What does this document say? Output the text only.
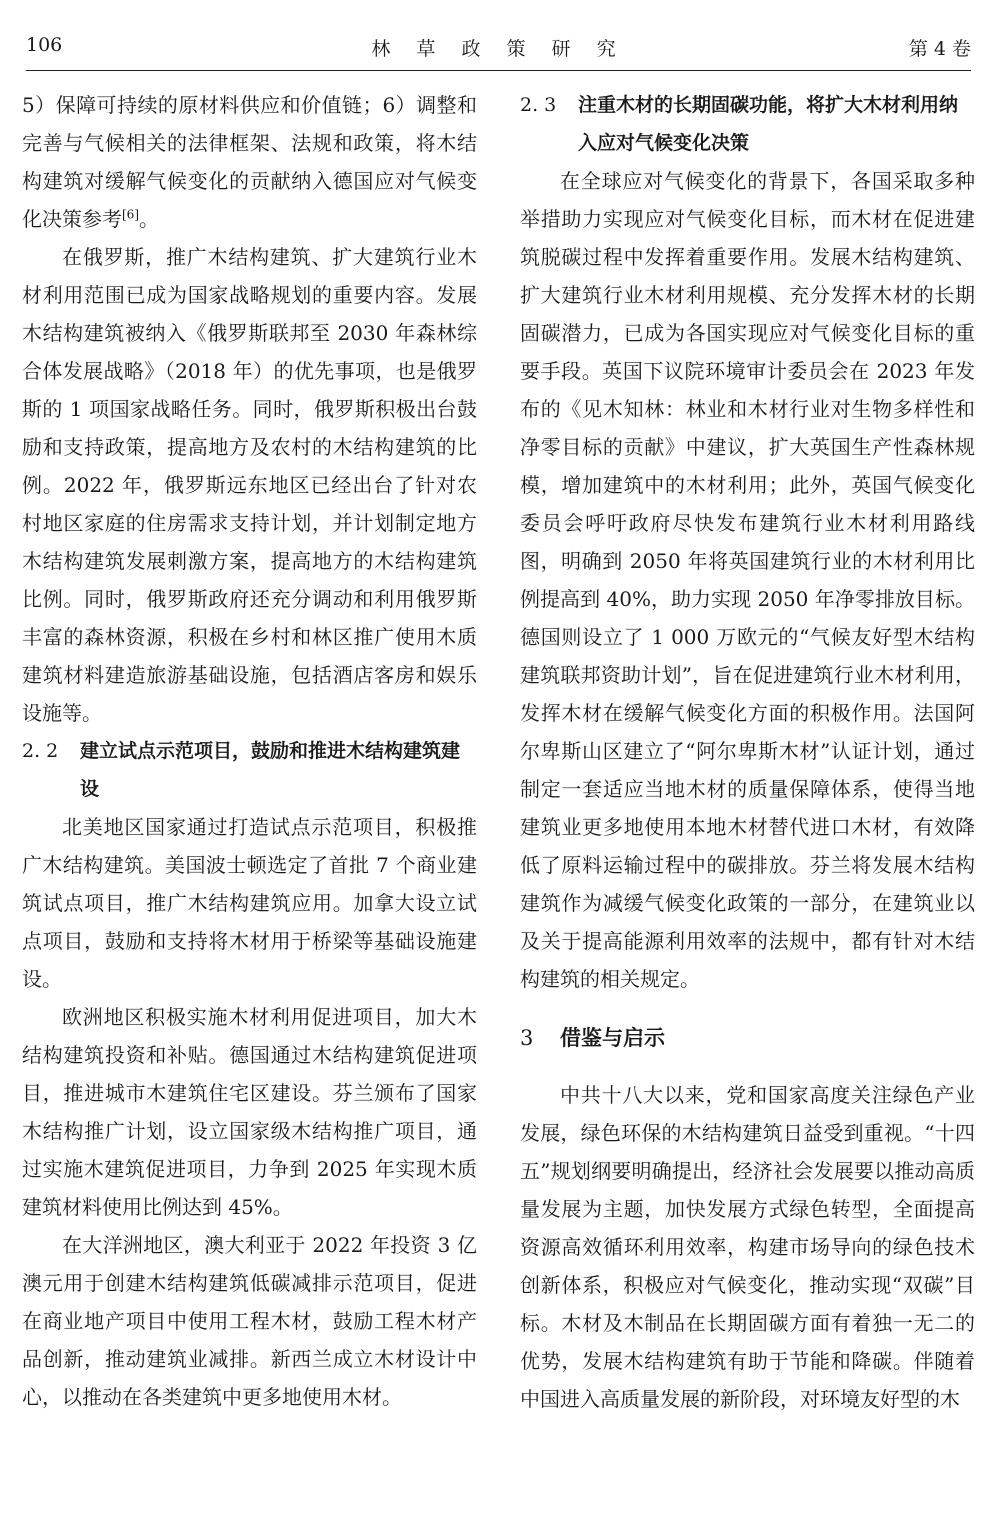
106	林 草 政 策 研 究	第 4 卷

5）保障可持续的原材料供应和价值链；6）调整和完善与气候相关的法律框架、法规和政策，将木结构建筑对缓解气候变化的贡献纳入德国应对气候变化决策参考[6]。

在俄罗斯，推广木结构建筑、扩大建筑行业木材利用范围已成为国家战略规划的重要内容。发展木结构建筑被纳入《俄罗斯联邦至 2030 年森林综合体发展战略》（2018 年）的优先事项，也是俄罗斯的 1 项国家战略任务。同时，俄罗斯积极出台鼓励和支持政策，提高地方及农村的木结构建筑的比例。2022 年，俄罗斯远东地区已经出台了针对农村地区家庭的住房需求支持计划，并计划制定地方木结构建筑发展刺激方案，提高地方的木结构建筑比例。同时，俄罗斯政府还充分调动和利用俄罗斯丰富的森林资源，积极在乡村和林区推广使用木质建筑材料建造旅游基础设施，包括酒店客房和娱乐设施等。

2. 2	建立试点示范项目，鼓励和推进木结构建筑建设

北美地区国家通过打造试点示范项目，积极推广木结构建筑。美国波士顿选定了首批 7 个商业建筑试点项目，推广木结构建筑应用。加拿大设立试点项目，鼓励和支持将木材用于桥梁等基础设施建设。

欧洲地区积极实施木材利用促进项目，加大木结构建筑投资和补贴。德国通过木结构建筑促进项目，推进城市木建筑住宅区建设。芬兰颁布了国家木结构推广计划，设立国家级木结构推广项目，通过实施木建筑促进项目，力争到 2025 年实现木质建筑材料使用比例达到 45%。

在大洋洲地区，澳大利亚于 2022 年投资 3 亿澳元用于创建木结构建筑低碳减排示范项目，促进在商业地产项目中使用工程木材，鼓励工程木材产品创新，推动建筑业减排。新西兰成立木材设计中心，以推动在各类建筑中更多地使用木材。

2. 3	注重木材的长期固碳功能，将扩大木材利用纳入应对气候变化决策

在全球应对气候变化的背景下，各国采取多种举措助力实现应对气候变化目标，而木材在促进建筑脱碳过程中发挥着重要作用。发展木结构建筑、扩大建筑行业木材利用规模、充分发挥木材的长期固碳潜力，已成为各国实现应对气候变化目标的重要手段。英国下议院环境审计委员会在 2023 年发布的《见木知林：林业和木材行业对生物多样性和净零目标的贡献》中建议，扩大英国生产性森林规模，增加建筑中的木材利用；此外，英国气候变化委员会呼吁政府尽快发布建筑行业木材利用路线图，明确到 2050 年将英国建筑行业的木材利用比例提高到 40%，助力实现 2050 年净零排放目标。德国则设立了 1 000 万欧元的“气候友好型木结构建筑联邦资助计划”，旨在促进建筑行业木材利用，发挥木材在缓解气候变化方面的积极作用。法国阿尔卑斯山区建立了“阿尔卑斯木材”认证计划，通过制定一套适应当地木材的质量保障体系，使得当地建筑业更多地使用本地木材替代进口木材，有效降低了原料运输过程中的碳排放。芬兰将发展木结构建筑作为减缓气候变化政策的一部分，在建筑业以及关于提高能源利用效率的法规中，都有针对木结构建筑的相关规定。

3	借鉴与启示

中共十八大以来，党和国家高度关注绿色产业发展，绿色环保的木结构建筑日益受到重视。“十四五”规划纲要明确提出，经济社会发展要以推动高质量发展为主题，加快发展方式绿色转型，全面提高资源高效循环利用效率，构建市场导向的绿色技术创新体系，积极应对气候变化，推动实现“双碳”目标。木材及木制品在长期固碳方面有着独一无二的优势，发展木结构建筑有助于节能和降碳。伴随着中国进入高质量发展的新阶段，对环境友好型的木
